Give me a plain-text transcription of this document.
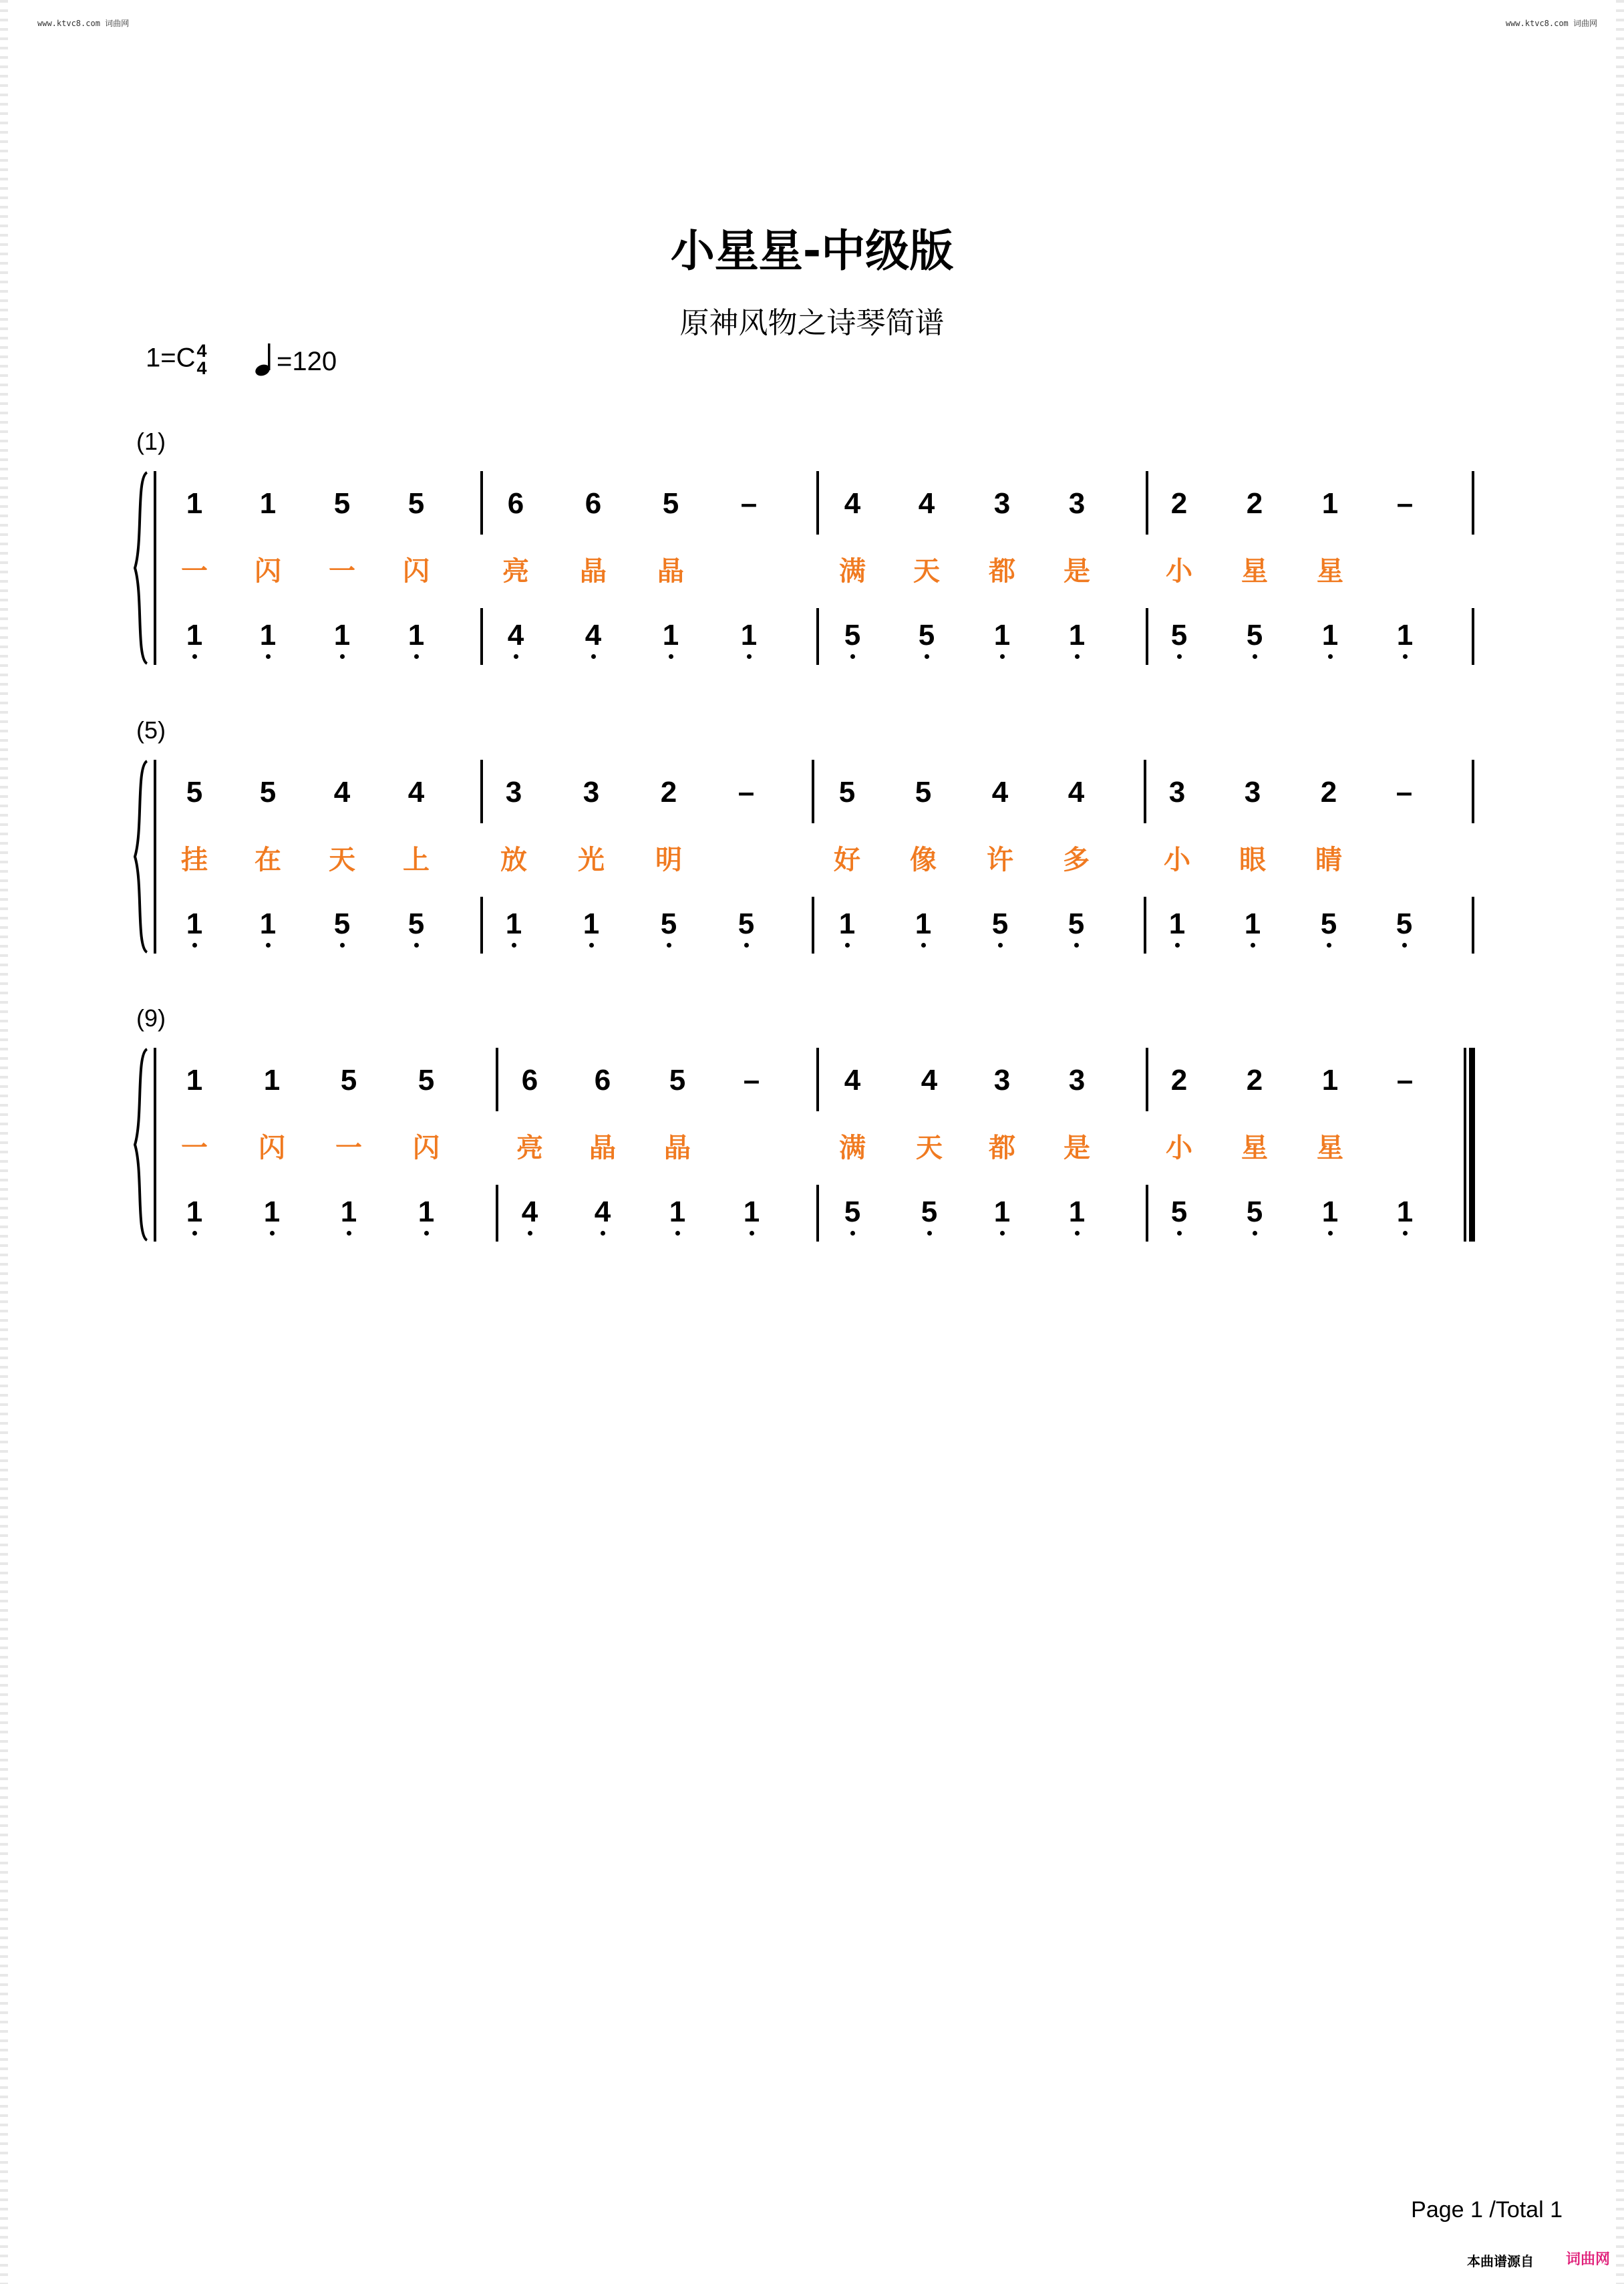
www.ktvc8.com 词曲网	www.ktvc8.com 词曲网
小星星-中级版
原神风物之诗琴简谱
1=C4
4	=120
(1)
1 1 5 5	6 6 5 –	4 4 3 3	2 2 1 –
一 闪 一 闪	亮 晶 晶	满 天 都 是	小 星 星
1 1 1 1	4 4 1 1	5 5 1 1	5 5 1 1
(5)
5 5 4 4	3 3 2 –	5 5 4 4	3 3 2 –
挂 在 天 上	放 光 明	好 像 许 多	小 眼 睛
1 1 5 5	1 1 5 5	1 1 5 5	1 1 5 5
(9)
1 1 5 5	6 6 5 –	4 4 3 3	2 2 1 –
一 闪 一 闪	亮 晶 晶	满 天 都 是	小 星 星
1 1 1 1	4 4 1 1	5 5 1 1	5 5 1 1
Page 1 /Total 1
本曲谱源自 词曲网
